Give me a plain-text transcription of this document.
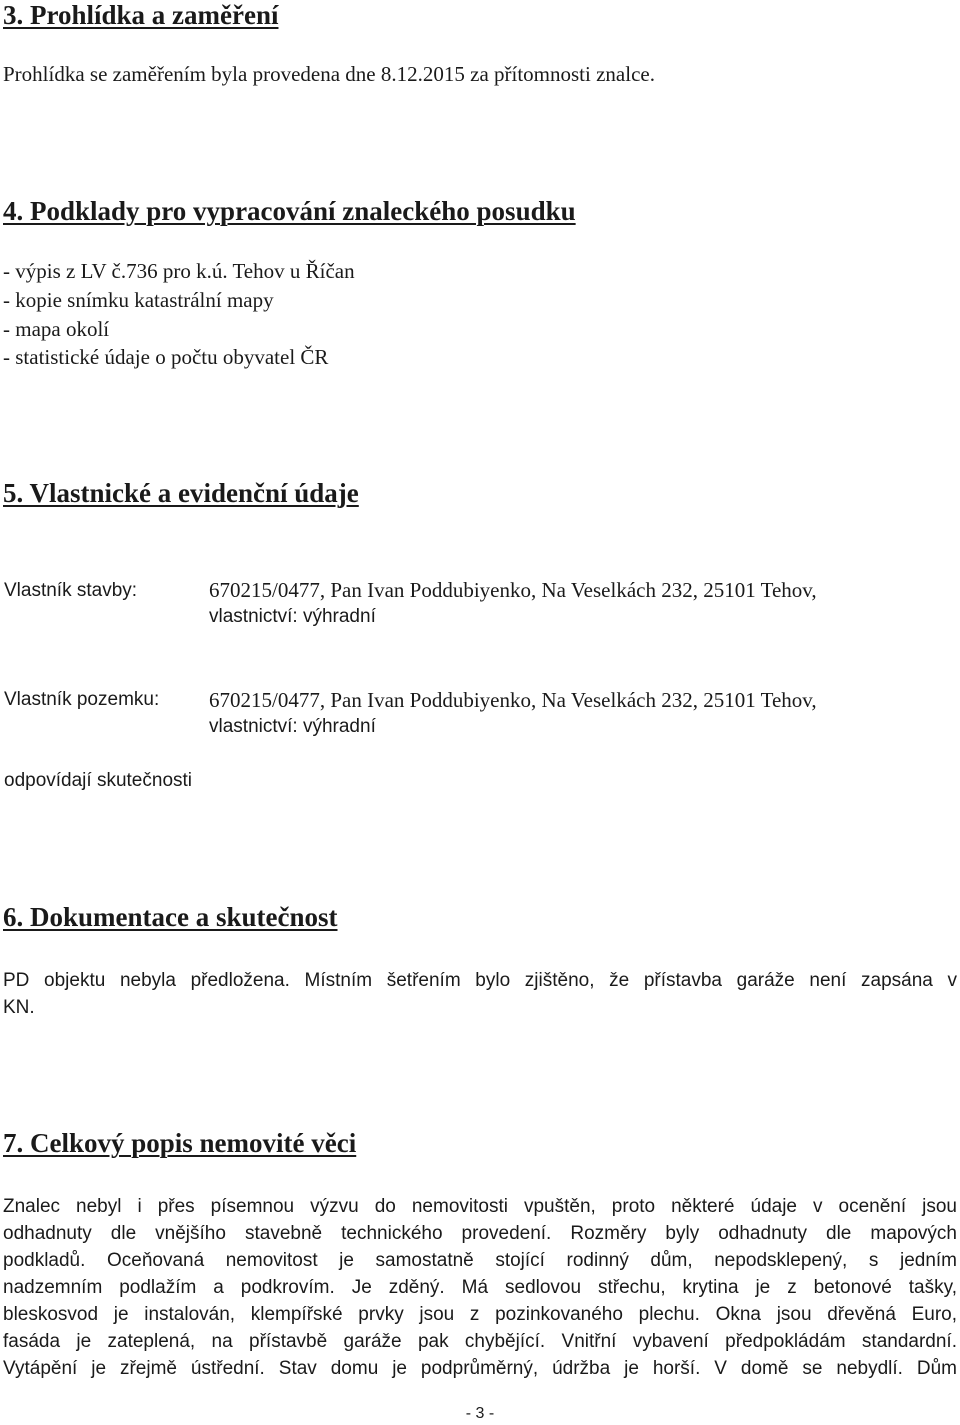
3. Prohlídka a zaměření
Prohlídka se zaměřením byla provedena dne 8.12.2015 za přítomnosti znalce.
4. Podklady pro vypracování znaleckého posudku
- výpis z LV č.736 pro k.ú. Tehov u Říčan
- kopie snímku katastrální mapy
- mapa okolí
- statistické údaje o počtu obyvatel ČR
5. Vlastnické a evidenční údaje
Vlastník stavby:	670215/0477, Pan Ivan Poddubiyenko, Na Veselkách 232, 25101 Tehov,
vlastnictví: výhradní
Vlastník pozemku: 670215/0477, Pan Ivan Poddubiyenko, Na Veselkách 232, 25101 Tehov,
vlastnictví: výhradní
odpovídají skutečnosti
6. Dokumentace a skutečnost
PD objektu nebyla předložena. Místním šetřením bylo zjištěno, že přístavba garáže není zapsána v
KN.
7. Celkový popis nemovité věci
Znalec nebyl i přes písemnou výzvu do nemovitosti vpuštěn, proto některé údaje v ocenění jsou
odhadnuty dle vnějšího stavebně technického provedení. Rozměry byly odhadnuty dle mapových
podkladů. Oceňovaná nemovitost je samostatně stojící rodinný dům, nepodsklepený, s jedním
nadzemním podlažím a podkrovím. Je zděný. Má sedlovou střechu, krytina je z betonové tašky,
bleskosvod je instalován, klempířské prvky jsou z pozinkovaného plechu. Okna jsou dřevěná Euro,
fasáda je zateplená, na přístavbě garáže pak chybějící. Vnitřní vybavení předpokládám standardní.
Vytápění je zřejmě ústřední. Stav domu je podprůměrný, údržba je horší. V domě se nebydlí. Dům
- 3 -
